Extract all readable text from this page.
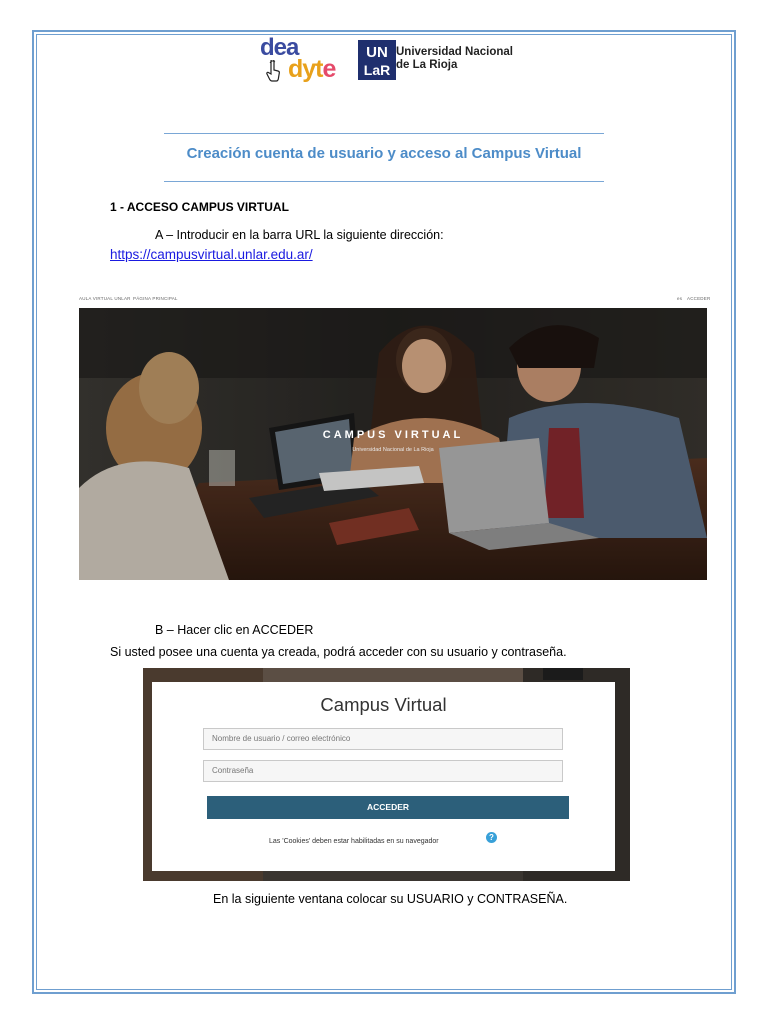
dea
dyte
UN
LaR
Universidad Nacional
de La Rioja
Creación cuenta de usuario y acceso al Campus Virtual
1 - ACCESO CAMPUS VIRTUAL
A – Introducir en la barra URL la siguiente dirección:
https://campusvirtual.unlar.edu.ar/
AULA VIRTUAL UNLAR PÁGINA PRINCIPAL	es ACCEDER
CAMPUS VIRTUAL
Universidad Nacional de La Rioja
B – Hacer clic en ACCEDER
Si usted posee una cuenta ya creada, podrá acceder con su usuario y contraseña.
Campus Virtual
Nombre de usuario / correo electrónico
Contraseña
ACCEDER
Las 'Cookies' deben estar habilitadas en su navegador	?
En la siguiente ventana colocar su USUARIO y CONTRASEÑA.
